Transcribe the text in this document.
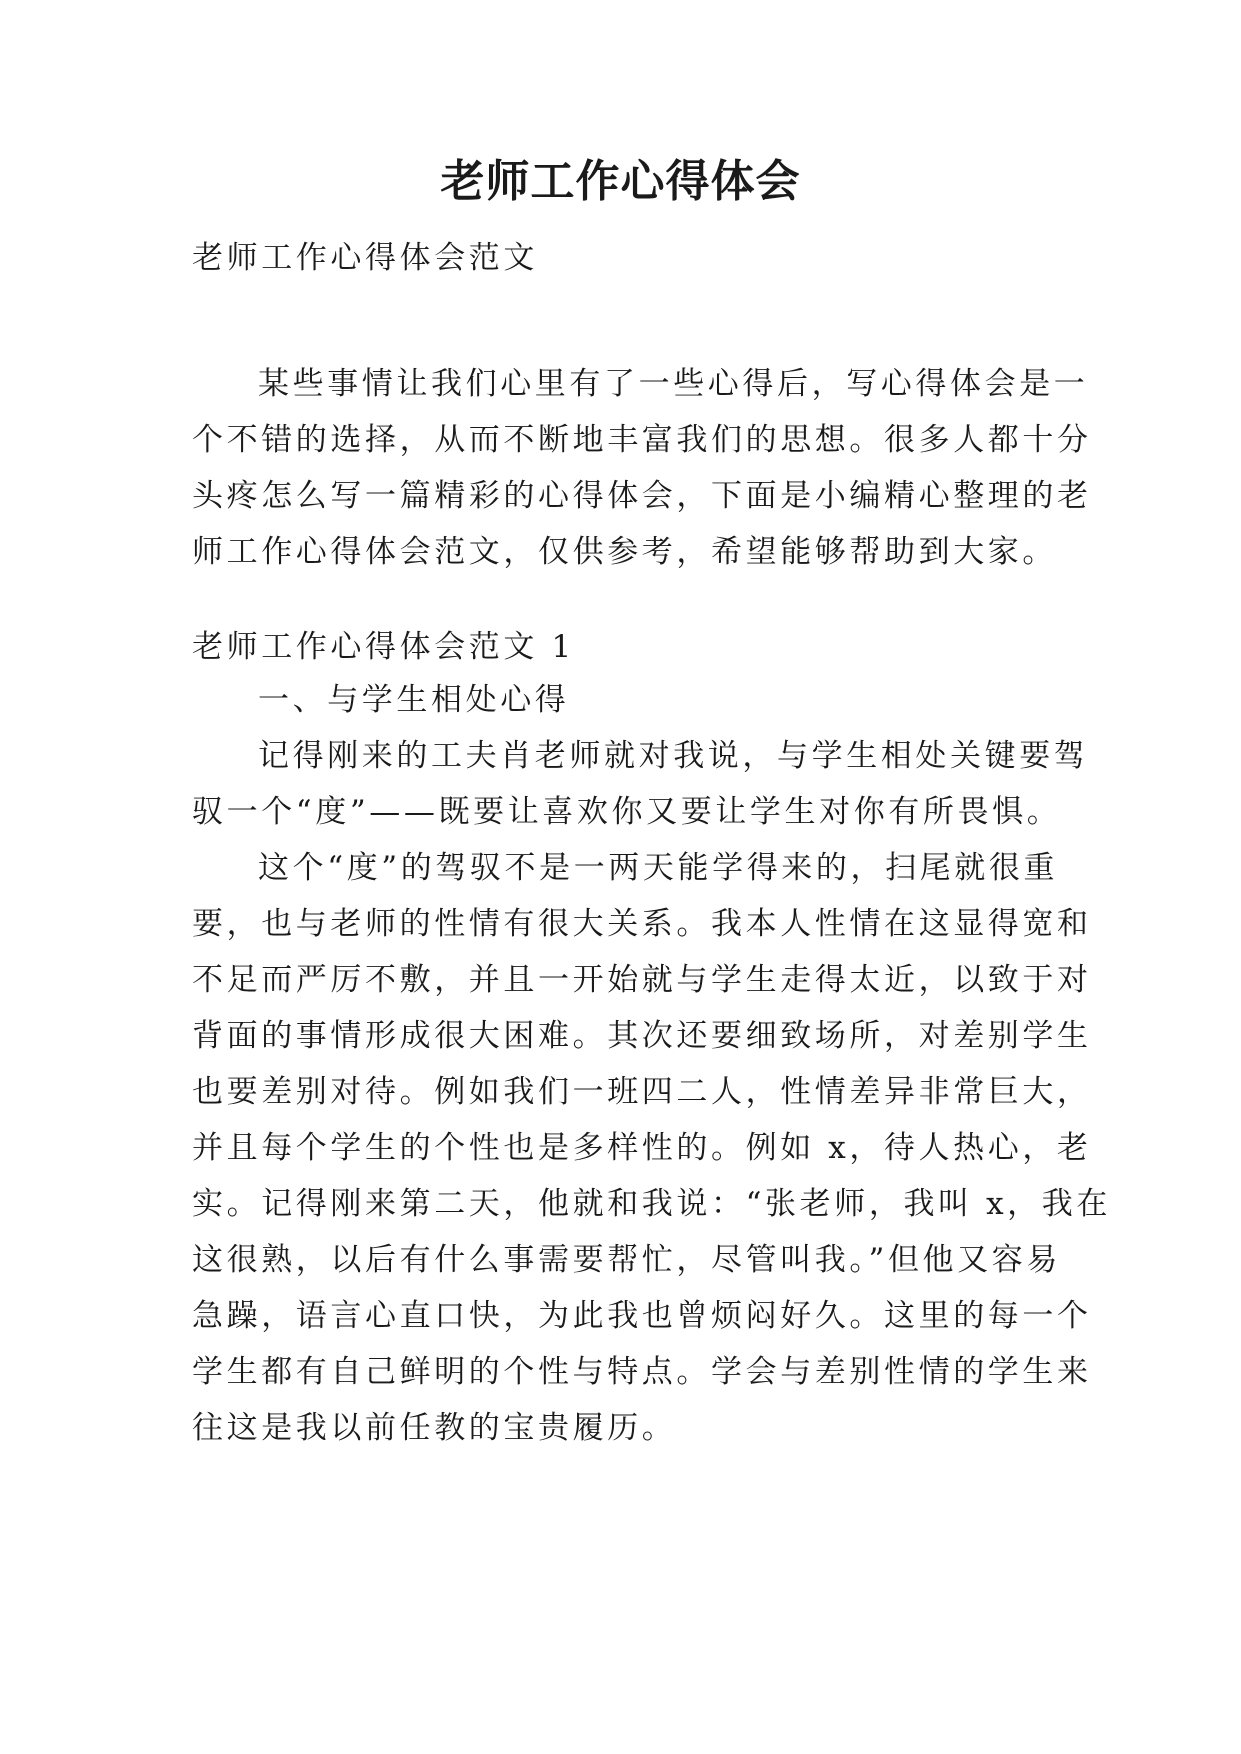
老师工作心得体会
老师工作心得体会范文
某些事情让我们心里有了一些心得后，写心得体会是一
个不错的选择，从而不断地丰富我们的思想。很多人都十分
头疼怎么写一篇精彩的心得体会，下面是小编精心整理的老
师工作心得体会范文，仅供参考，希望能够帮助到大家。
老师工作心得体会范文 1
一、与学生相处心得
记得刚来的工夫肖老师就对我说，与学生相处关键要驾
驭一个“度”——既要让喜欢你又要让学生对你有所畏惧。
这个“度”的驾驭不是一两天能学得来的，扫尾就很重
要，也与老师的性情有很大关系。我本人性情在这显得宽和
不足而严厉不敷，并且一开始就与学生走得太近，以致于对
背面的事情形成很大困难。其次还要细致场所，对差别学生
也要差别对待。例如我们一班四二人，性情差异非常巨大，
并且每个学生的个性也是多样性的。例如 x，待人热心，老
实。记得刚来第二天，他就和我说：“张老师，我叫 x，我在
这很熟，以后有什么事需要帮忙，尽管叫我。”但他又容易
急躁，语言心直口快，为此我也曾烦闷好久。这里的每一个
学生都有自己鲜明的个性与特点。学会与差别性情的学生来
往这是我以前任教的宝贵履历。
